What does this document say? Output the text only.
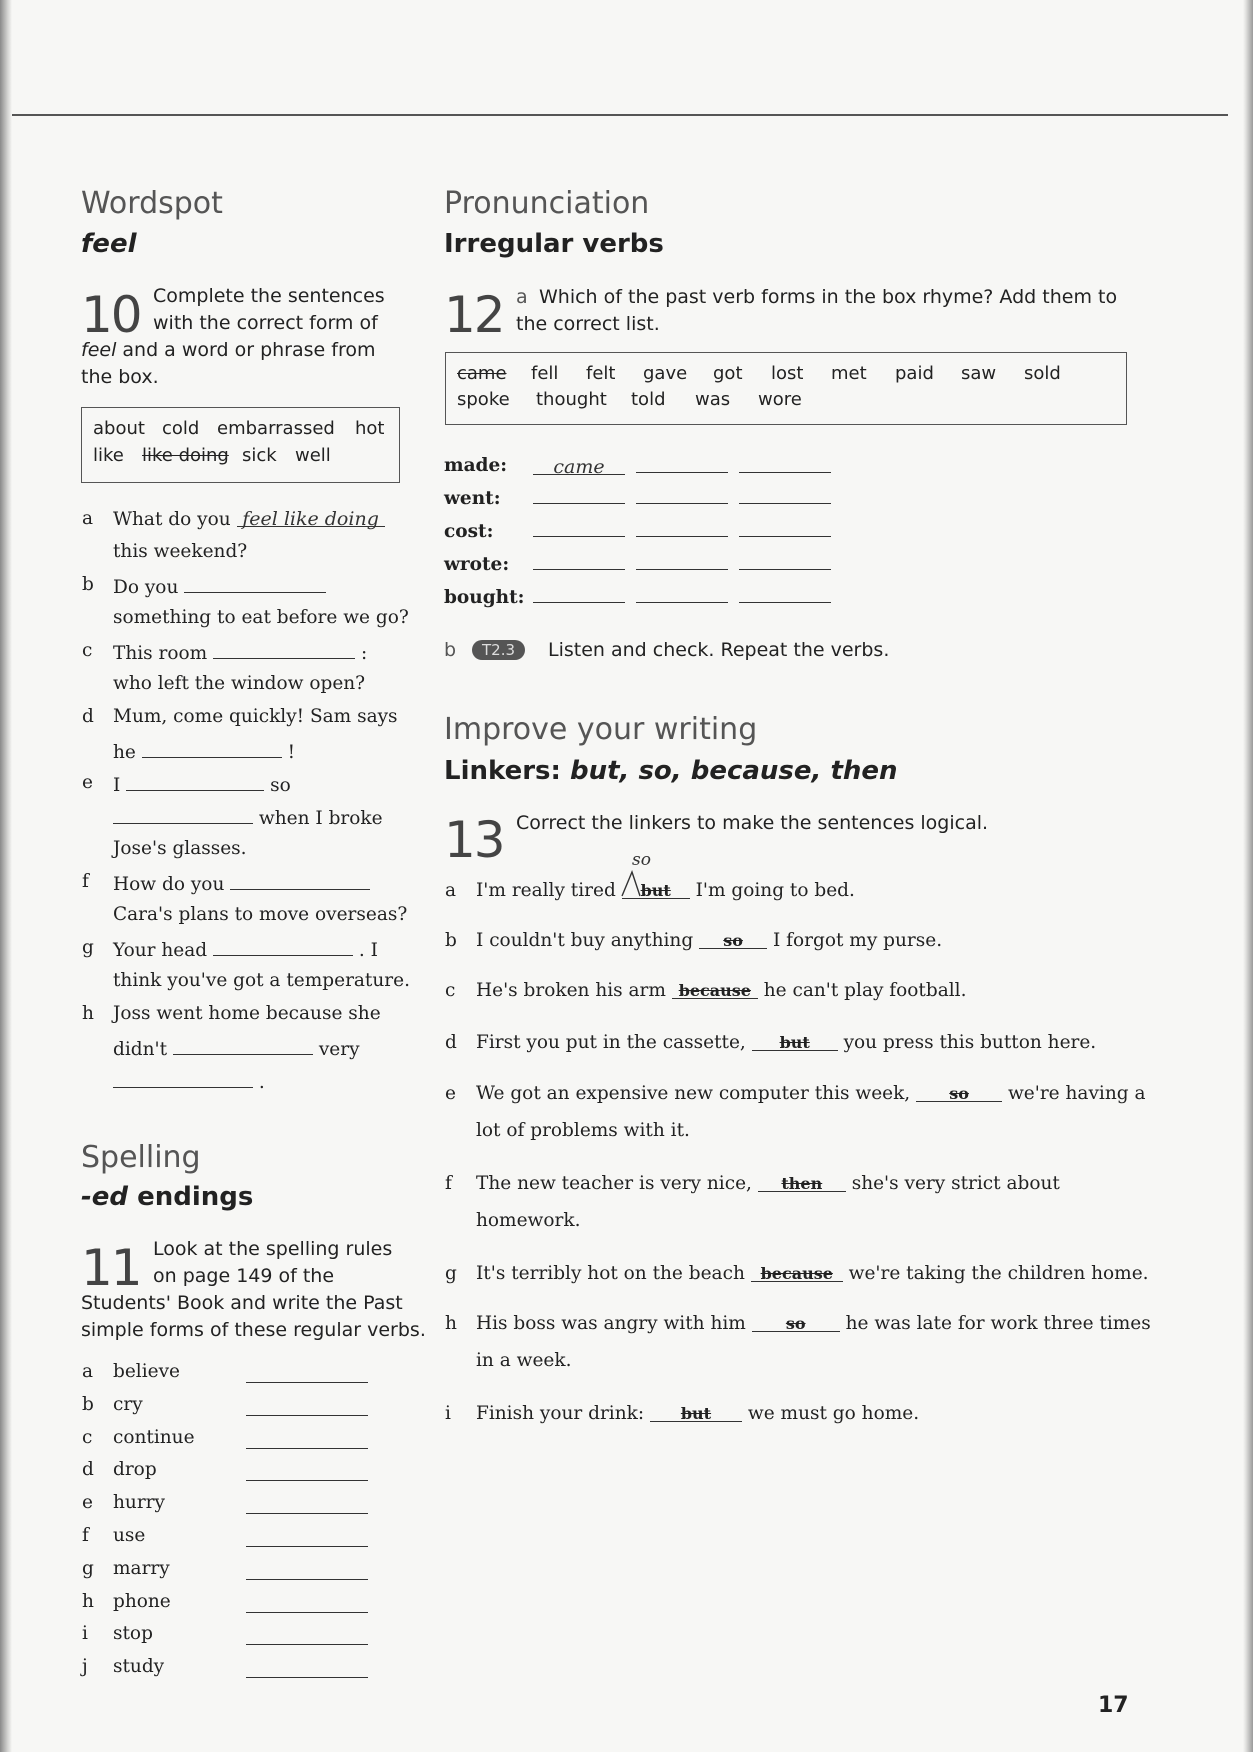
Wordspot
feel
10 Complete the sentences
with the correct form of
feel and a word or phrase from
the box.
about cold embarrassed hot
like like doing sick well
a What do you feel like doing
this weekend?
b Do you
something to eat before we go?
c This room	:
who left the window open?
d Mum, come quickly! Sam says
he	!
e I	so
when I broke
Jose's glasses.
f How do you
Cara's plans to move overseas?
g Your head	. I
think you've got a temperature.
h Joss went home because she
didn't	very
.
Spelling
-ed endings
11 Look at the spelling rules
on page 149 of the
Students' Book and write the Past
simple forms of these regular verbs.
a believe
b cry
c continue
d drop
e hurry
f use
g marry
h phone
i stop
j study
Pronunciation
Irregular verbs
12 a Which of the past verb forms in the box rhyme? Add them to
the correct list.
came fell felt gave got lost met paid saw sold
spoke thought told was wore
made:	came
went:

cost:

wrote:

bought:

b	T2.3	Listen and check. Repeat the verbs.
Improve your writing
Linkers: but, so, because, then
13 Correct the linkers to make the sentences logical.
so
a I'm really tired but I'm going to bed.
b I couldn't buy anything so I forgot my purse.
c He's broken his arm because he can't play football.
d First you put in the cassette, but you press this button here.
e We got an expensive new computer this week, so we're having a
lot of problems with it.
f The new teacher is very nice, then she's very strict about
homework.
g It's terribly hot on the beach because we're taking the children home.
h His boss was angry with him	so he was late for work three times
in a week.
i Finish your drink: but we must go home.
17
